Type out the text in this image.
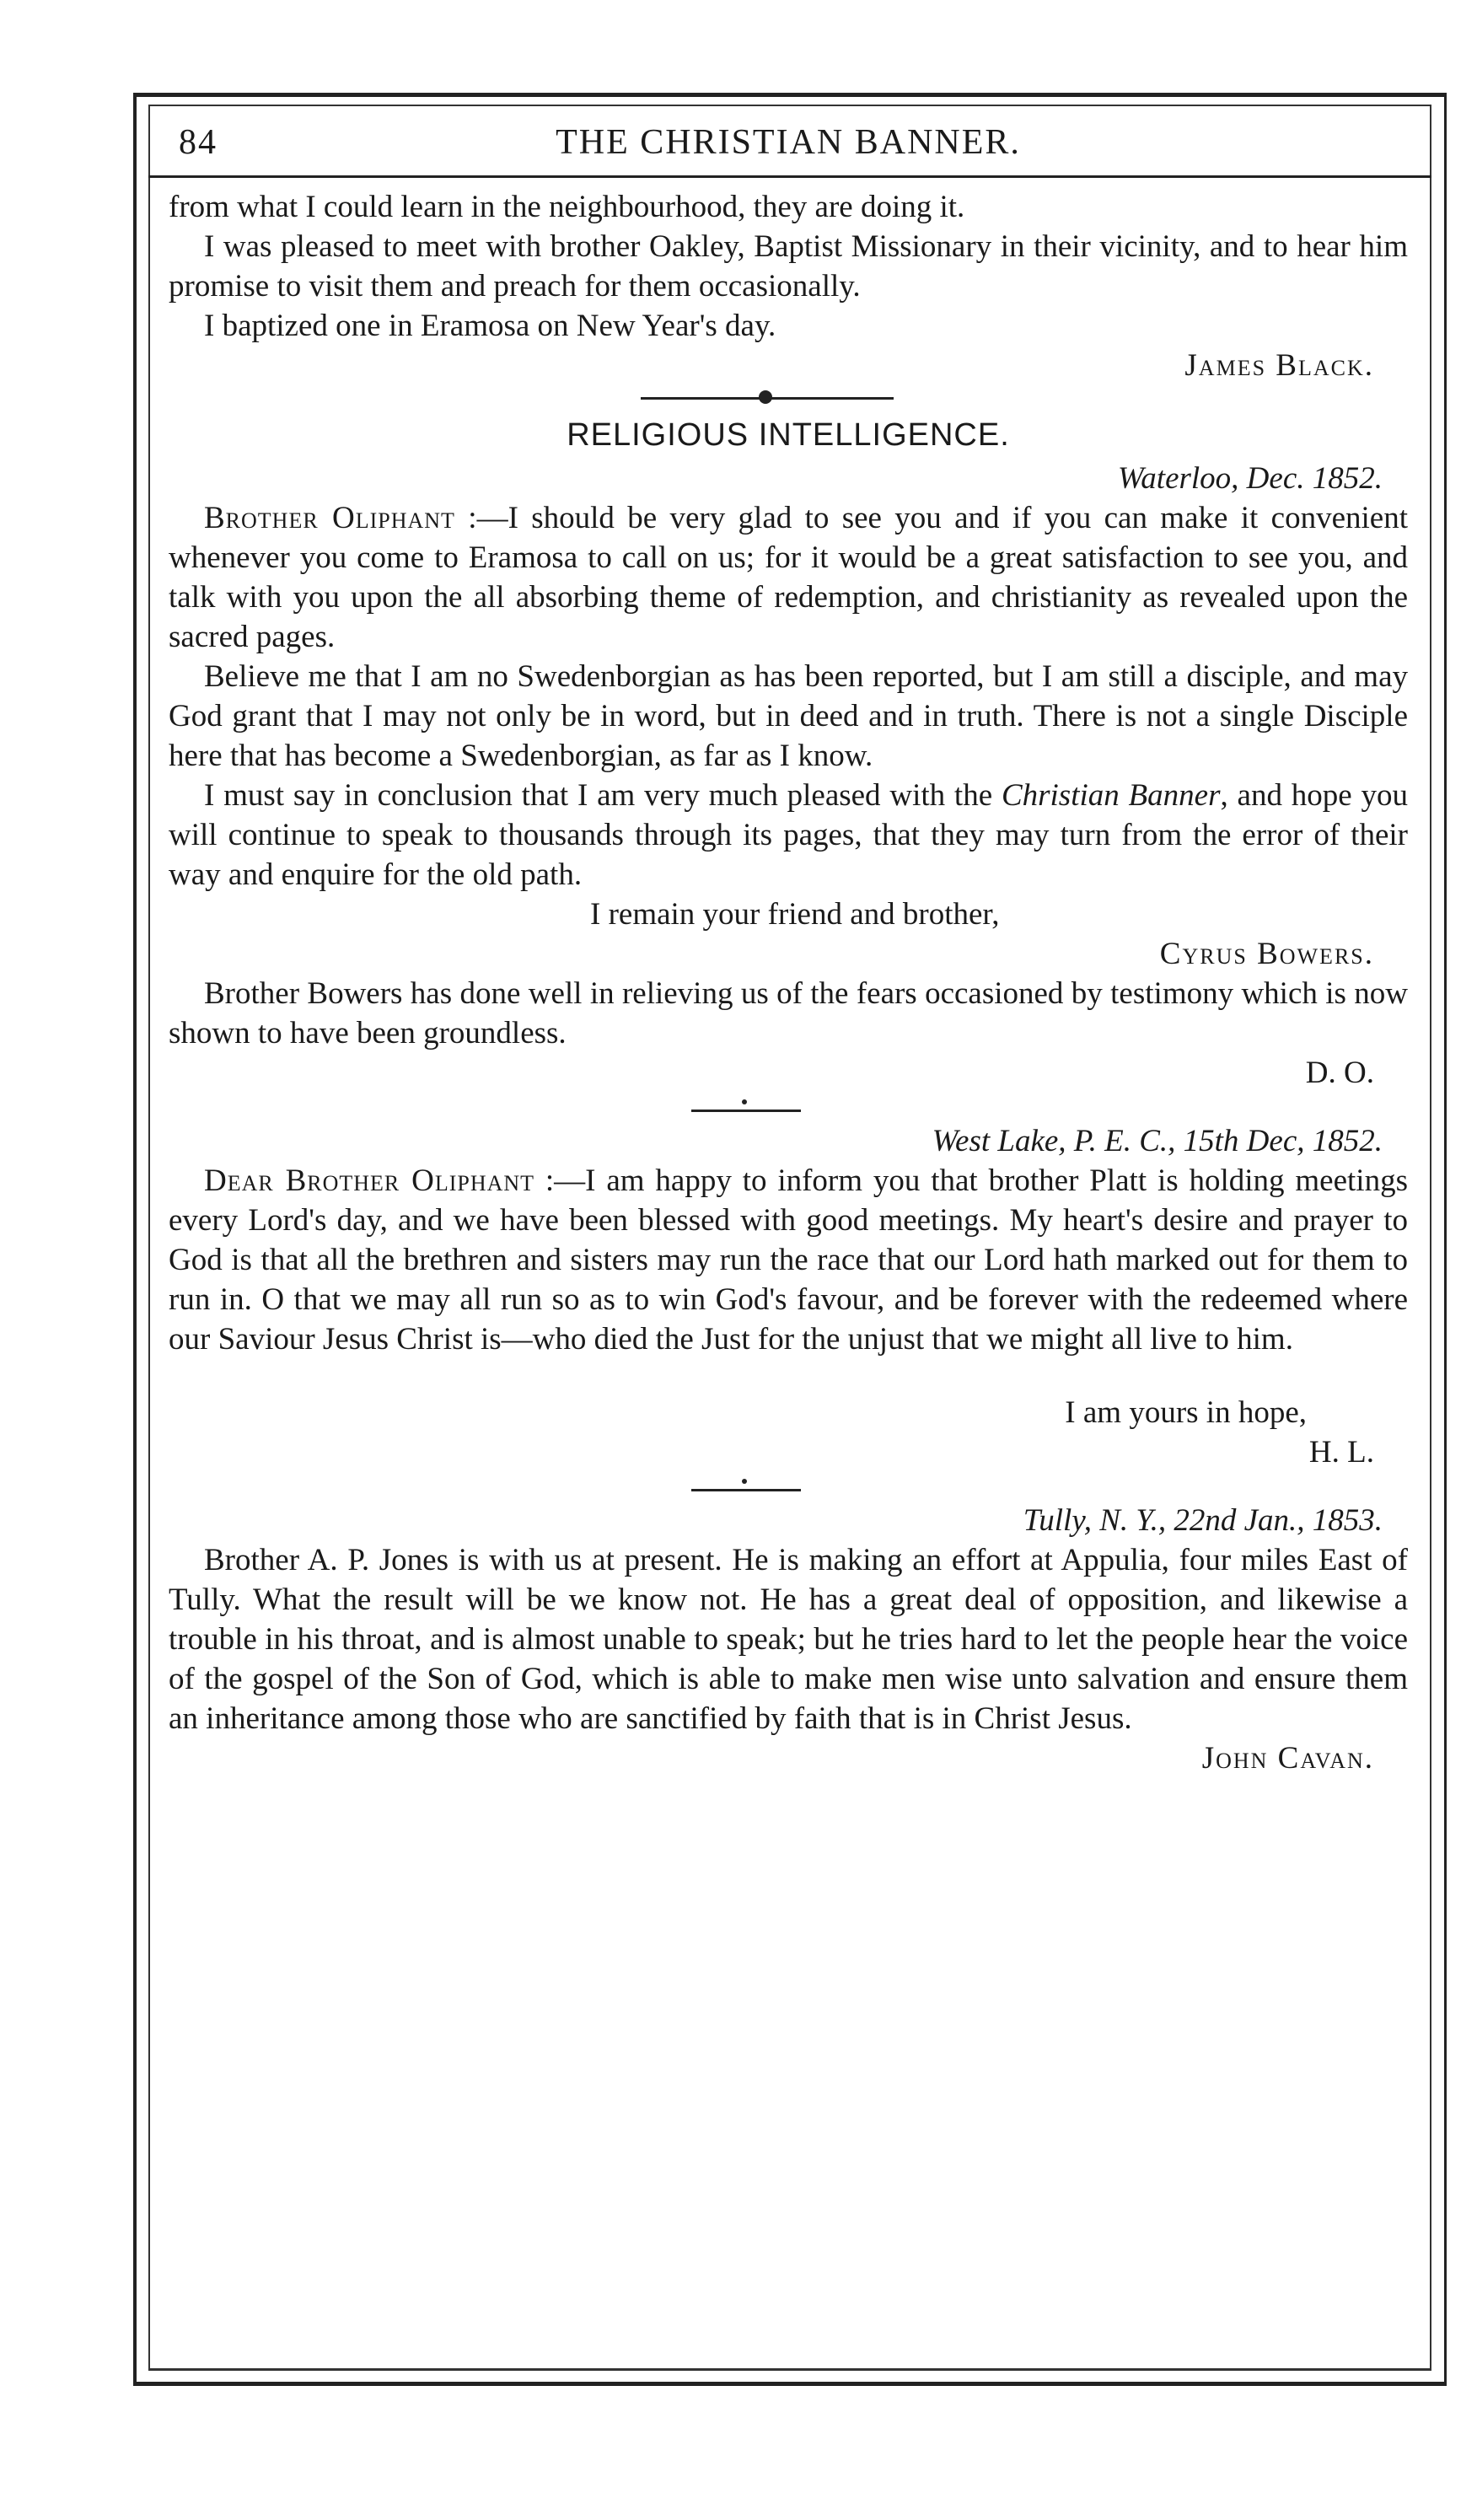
84	THE CHRISTIAN BANNER.

from what I could learn in the neighbourhood, they are doing it.

I was pleased to meet with brother Oakley, Baptist Missionary in their vicinity, and to hear him promise to visit them and preach for them occasionally.

I baptized one in Eramosa on New Year's day.

James Black.

RELIGIOUS INTELLIGENCE.

Waterloo, Dec. 1852.

Brother Oliphant :—I should be very glad to see you and if you can make it convenient whenever you come to Eramosa to call on us; for it would be a great satisfaction to see you, and talk with you upon the all absorbing theme of redemption, and christianity as revealed upon the sacred pages.

Believe me that I am no Swedenborgian as has been reported, but I am still a disciple, and may God grant that I may not only be in word, but in deed and in truth. There is not a single Disciple here that has become a Swedenborgian, as far as I know.

I must say in conclusion that I am very much pleased with the Christian Banner, and hope you will continue to speak to thousands through its pages, that they may turn from the error of their way and enquire for the old path.

I remain your friend and brother,

Cyrus Bowers.

Brother Bowers has done well in relieving us of the fears occasioned by testimony which is now shown to have been groundless.

D. O.

West Lake, P. E. C., 15th Dec, 1852.

Dear Brother Oliphant :—I am happy to inform you that brother Platt is holding meetings every Lord's day, and we have been blessed with good meetings. My heart's desire and prayer to God is that all the brethren and sisters may run the race that our Lord hath marked out for them to run in. O that we may all run so as to win God's favour, and be forever with the redeemed where our Saviour Jesus Christ is—who died the Just for the unjust that we might all live to him.

I am yours in hope,

H. L.

Tully, N. Y., 22nd Jan., 1853.

Brother A. P. Jones is with us at present. He is making an effort at Appulia, four miles East of Tully. What the result will be we know not. He has a great deal of opposition, and likewise a trouble in his throat, and is almost unable to speak; but he tries hard to let the people hear the voice of the gospel of the Son of God, which is able to make men wise unto salvation and ensure them an inheritance among those who are sanctified by faith that is in Christ Jesus.

John Cavan.
